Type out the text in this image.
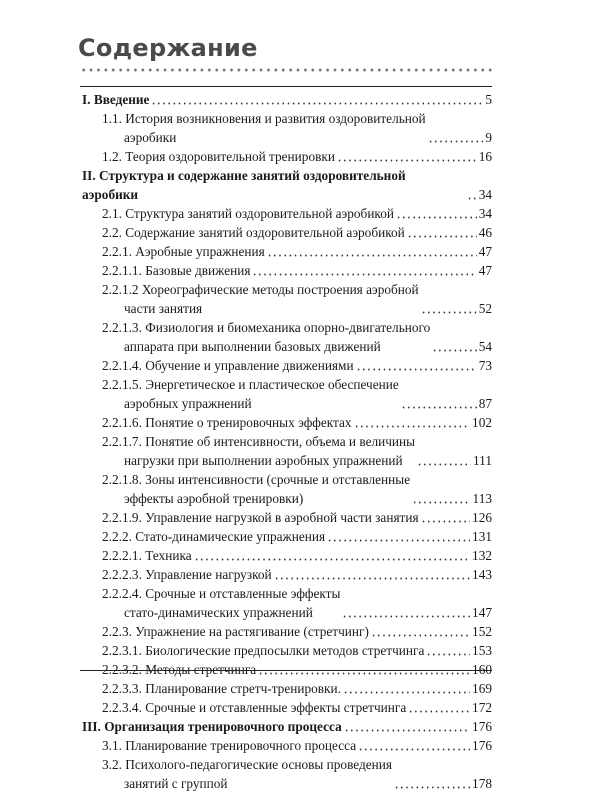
Содержание
I. Введение	5
1.1. История возникновения и развития оздоровительной
аэробики	9
1.2. Теория оздоровительной тренировки	16
II. Структура и содержание занятий оздоровительной аэробики	34
2.1. Структура занятий оздоровительной аэробикой	34
2.2. Содержание занятий оздоровительной аэробикой	46
2.2.1. Аэробные упражнения	47
2.2.1.1. Базовые движения	47
2.2.1.2 Хореографические методы построения аэробной
части занятия	52
2.2.1.3. Физиология и биомеханика опорно-двигательного
аппарата при выполнении базовых движений	54
2.2.1.4. Обучение и управление движениями	73
2.2.1.5. Энергетическое и пластическое обеспечение
аэробных упражнений	87
2.2.1.6. Понятие о тренировочных эффектах	102
2.2.1.7. Понятие об интенсивности, объема и величины
нагрузки при выполнении аэробных упражнений	111
2.2.1.8. Зоны интенсивности (срочные и отставленные
эффекты аэробной тренировки)	113
2.2.1.9. Управление нагрузкой в аэробной части занятия	126
2.2.2. Стато-динамические упражнения	131
2.2.2.1. Техника	132
2.2.2.3. Управление нагрузкой	143
2.2.2.4. Срочные и отставленные эффекты
стато-динамических упражнений	147
2.2.3. Упражнение на растягивание (стретчинг)	152
2.2.3.1. Биологические предпосылки методов стретчинга	153
2.2.3.2. Методы стретчинга	160
2.2.3.3. Планирование стретч-тренировки.	169
2.2.3.4. Срочные и отставленные эффекты стретчинга	172
III. Организация тренировочного процесса	176
3.1. Планирование тренировочного процесса	176
3.2. Психолого-педагогические основы проведения
занятий с группой	178
